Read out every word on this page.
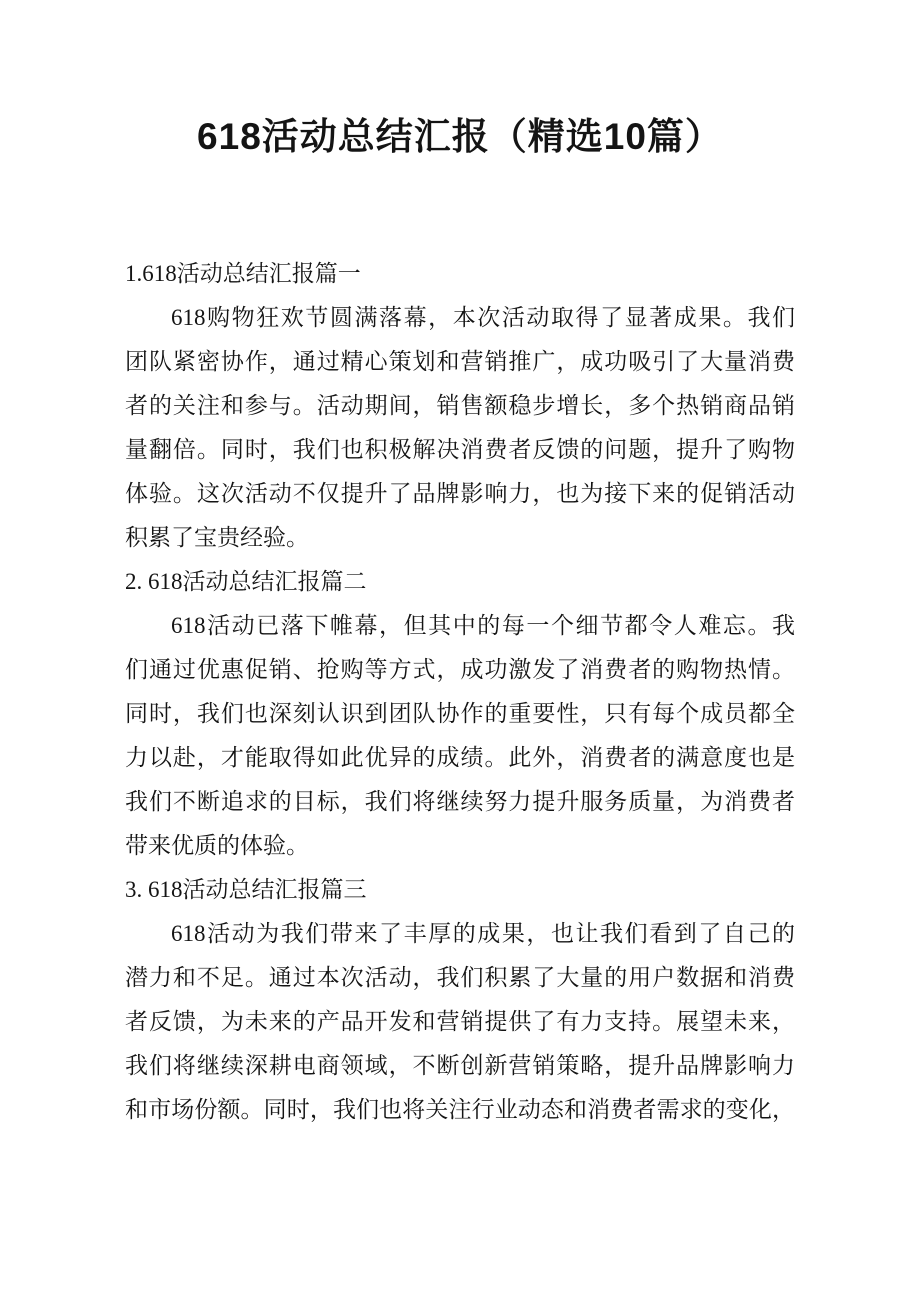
618活动总结汇报（精选10篇）
1.618活动总结汇报篇一
618购物狂欢节圆满落幕，本次活动取得了显著成果。我们
团队紧密协作，通过精心策划和营销推广，成功吸引了大量消费
者的关注和参与。活动期间，销售额稳步增长，多个热销商品销
量翻倍。同时，我们也积极解决消费者反馈的问题，提升了购物
体验。这次活动不仅提升了品牌影响力，也为接下来的促销活动
积累了宝贵经验。
2. 618活动总结汇报篇二
618活动已落下帷幕，但其中的每一个细节都令人难忘。我
们通过优惠促销、抢购等方式，成功激发了消费者的购物热情。
同时，我们也深刻认识到团队协作的重要性，只有每个成员都全
力以赴，才能取得如此优异的成绩。此外，消费者的满意度也是
我们不断追求的目标，我们将继续努力提升服务质量，为消费者
带来优质的体验。
3. 618活动总结汇报篇三
618活动为我们带来了丰厚的成果，也让我们看到了自己的
潜力和不足。通过本次活动，我们积累了大量的用户数据和消费
者反馈，为未来的产品开发和营销提供了有力支持。展望未来，
我们将继续深耕电商领域，不断创新营销策略，提升品牌影响力
和市场份额。同时，我们也将关注行业动态和消费者需求的变化，
